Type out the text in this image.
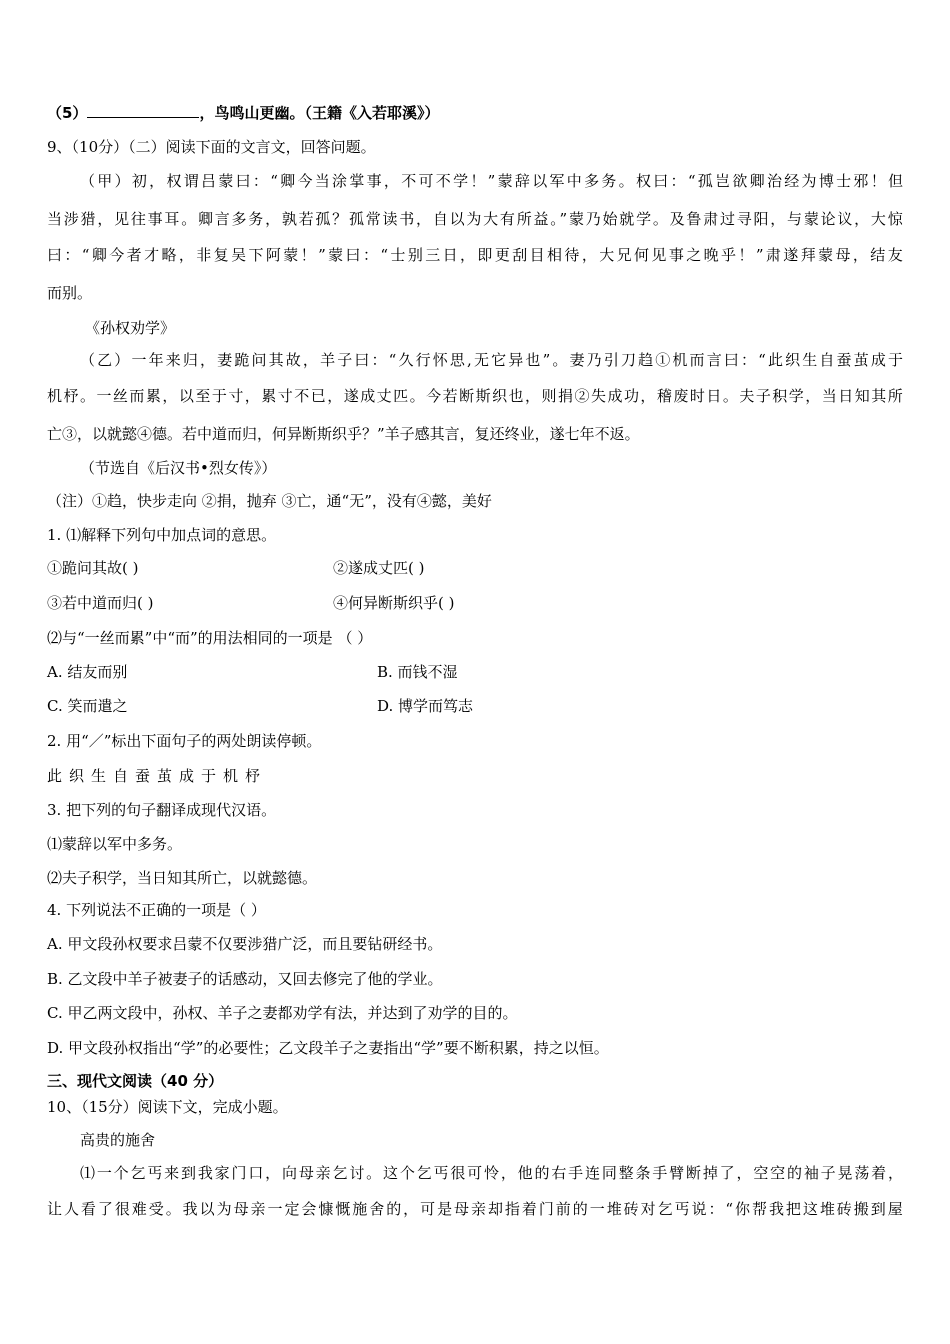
（5）	，鸟鸣山更幽。（王籍《入若耶溪》）
9、（10分）（二）阅读下面的文言文，回答问题。
（甲）初，权谓吕蒙曰：“卿今当涂掌事，不可不学！”蒙辞以军中多务。权曰：“孤岂欲卿治经为博士邪！但
当涉猎，见往事耳。卿言多务，孰若孤？孤常读书，自以为大有所益。”蒙乃始就学。及鲁肃过寻阳，与蒙论议，大惊
曰：“卿今者才略，非复吴下阿蒙！”蒙曰：“士别三日，即更刮目相待，大兄何见事之晚乎！”肃遂拜蒙母，结友
而别。
《孙权劝学》
（乙）一年来归，妻跪问其故，羊子曰：“久行怀思,无它异也”。妻乃引刀趋①机而言曰：“此织生自蚕茧成于
机杼。一丝而累，以至于寸，累寸不已，遂成丈匹。今若断斯织也，则捐②失成功，稽废时日。夫子积学，当日知其所
亡③，以就懿④德。若中道而归，何异断斯织乎？”羊子感其言，复还终业，遂七年不返。
（节选自《后汉书•烈女传》）
（注）①趋，快步走向 ②捐，抛弃 ③亡，通“无”，没有④懿，美好
1. ⑴解释下列句中加点词的意思。
①跪问其故( )	②遂成丈匹( )
③若中道而归( )	④何异断斯织乎( )
⑵与“一丝而累”中“而”的用法相同的一项是 （ ）
A. 结友而别	B. 而钱不湿
C. 笑而遣之	D. 博学而笃志
2. 用“／”标出下面句子的两处朗读停顿。
此织生自蚕茧成于机杼
3. 把下列的句子翻译成现代汉语。
⑴蒙辞以军中多务。
⑵夫子积学，当日知其所亡，以就懿德。
4. 下列说法不正确的一项是（ ）
A. 甲文段孙权要求吕蒙不仅要涉猎广泛，而且要钻研经书。
B. 乙文段中羊子被妻子的话感动，又回去修完了他的学业。
C. 甲乙两文段中，孙权、羊子之妻都劝学有法，并达到了劝学的目的。
D. 甲文段孙权指出“学”的必要性；乙文段羊子之妻指出“学”要不断积累，持之以恒。
三、现代文阅读（40 分）
10、（15分）阅读下文，完成小题。
高贵的施舍
⑴一个乞丐来到我家门口，向母亲乞讨。这个乞丐很可怜，他的右手连同整条手臂断掉了，空空的袖子晃荡着，
让人看了很难受。我以为母亲一定会慷慨施舍的，可是母亲却指着门前的一堆砖对乞丐说：“你帮我把这堆砖搬到屋
